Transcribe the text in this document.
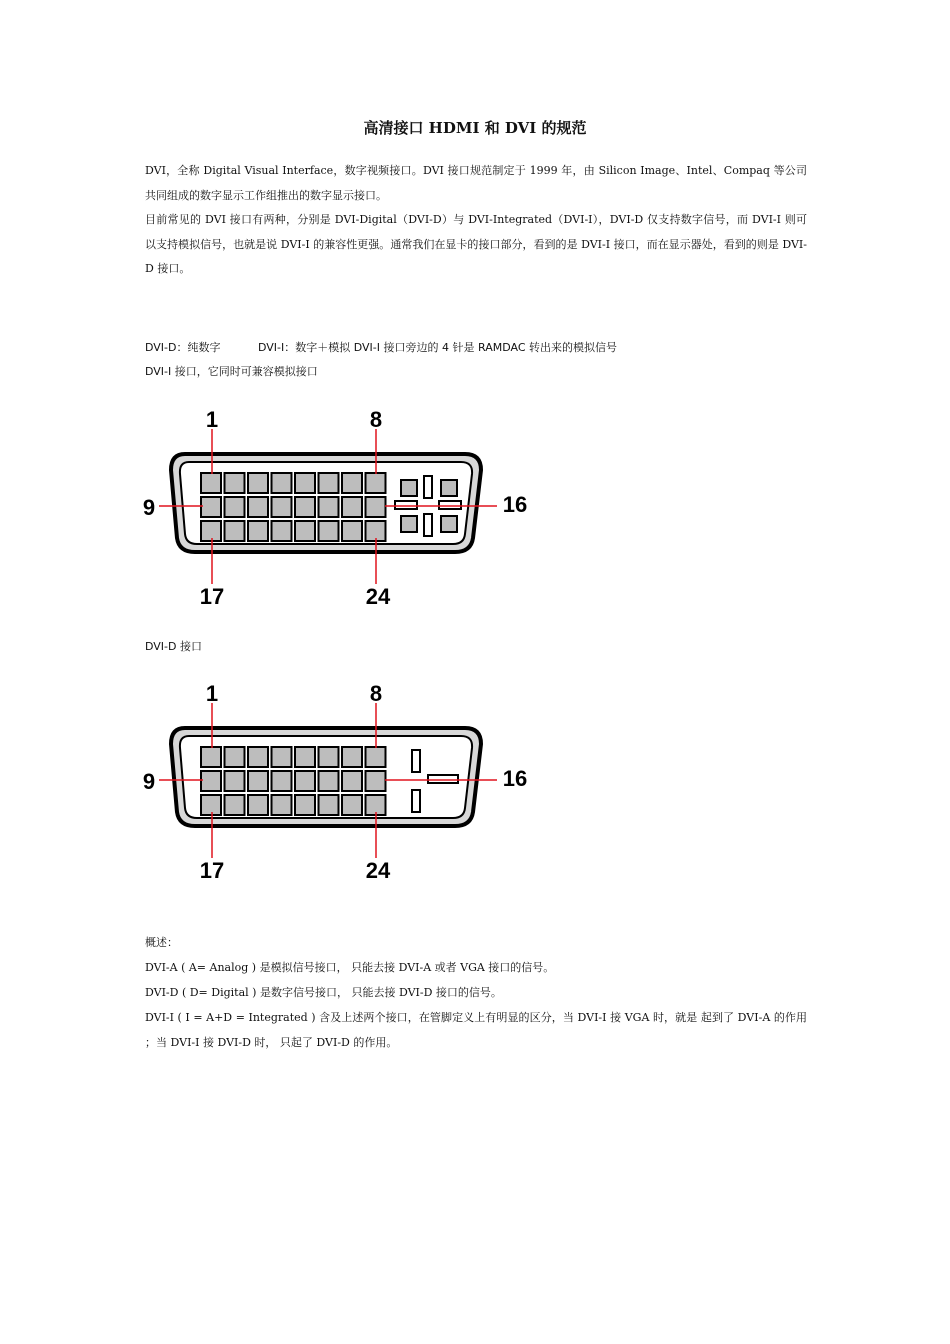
高清接口 HDMI 和 DVI 的规范
DVI，全称 Digital Visual Interface，数字视频接口。DVI 接口规范制定于 1999 年，由 Silicon Image、Intel、Compaq 等公司共同组成的数字显示工作组推出的数字显示接口。
目前常见的 DVI 接口有两种，分别是 DVI-Digital（DVI-D）与 DVI-Integrated（DVI-I），DVI-D 仅支持数字信号，而 DVI-I 则可以支持模拟信号，也就是说 DVI-I 的兼容性更强。通常我们在显卡的接口部分，看到的是 DVI-I 接口，而在显示器处，看到的则是 DVI-D 接口。
DVI-D：纯数字	DVI-I：数字＋模拟 DVI-I 接口旁边的 4 针是 RAMDAC 转出来的模拟信号
DVI-I 接口，它同时可兼容模拟接口
1	8
9	16
17	24
DVI-D 接口
1	8
9	16
17	24
概述：
DVI-A ( A= Analog ) 是模拟信号接口， 只能去接 DVI-A 或者 VGA 接口的信号。
DVI-D ( D= Digital ) 是数字信号接口， 只能去接 DVI-D 接口的信号。
DVI-I ( I = A+D = Integrated ) 含及上述两个接口，在管脚定义上有明显的区分，当 DVI-I 接 VGA 时，就是 起到了 DVI-A 的作用 ；当 DVI-I 接 DVI-D 时， 只起了 DVI-D 的作用。
